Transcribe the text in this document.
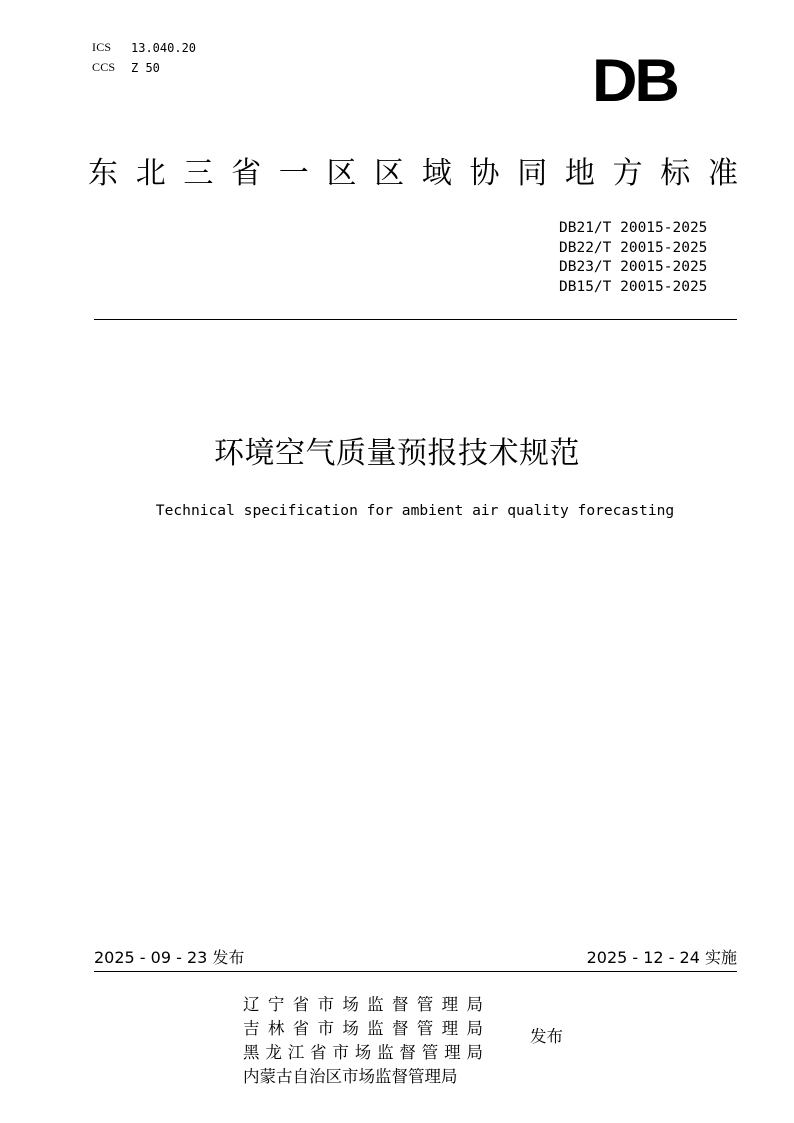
ICS 13.040.20
CCS Z 50	DB
东 北 三 省 一 区 区 域 协 同 地 方 标 准
DB21/T 20015-2025
DB22/T 20015-2025
DB23/T 20015-2025
DB15/T 20015-2025
环境空气质量预报技术规范
Technical specification for ambient air quality forecasting
2025 - 09 - 23 发布	2025 - 12 - 24 实施
辽 宁 省 市 场 监 督 管 理 局
吉 林 省 市 场 监 督 管 理 局
黑 龙 江 省 市 场 监 督 管 理 局
内蒙古自治区市场监督管理局
发布
